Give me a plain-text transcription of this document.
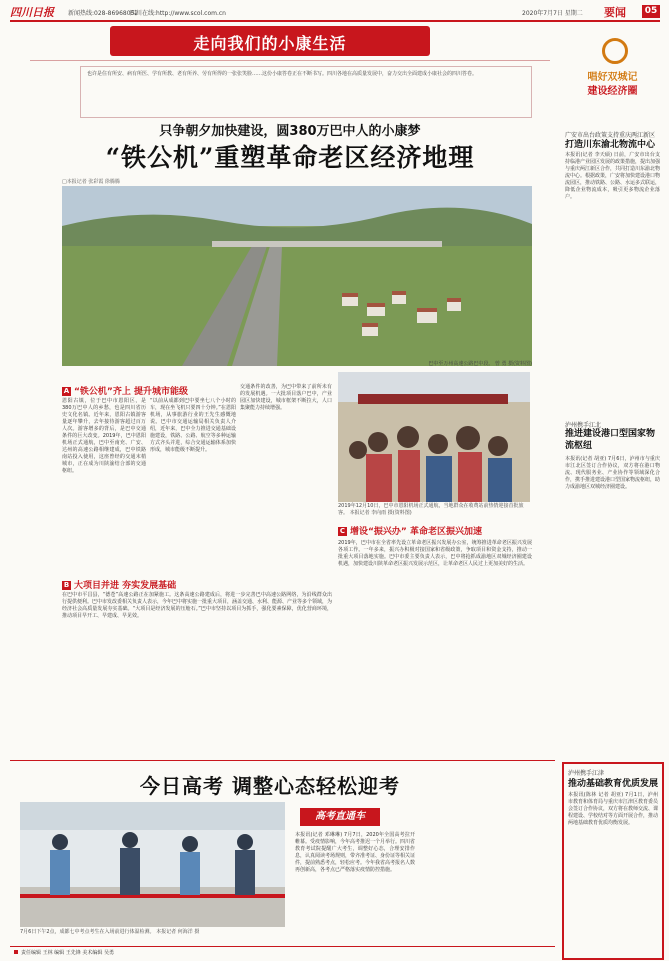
四川日报 新闻热线:028-86968052
四川在线:http://www.scol.com.cn	2020年7月7日 星期二 要闻	05
走向我们的小康生活
也许是住有所安、病有所医、学有所教、老有所养、劳有所得的一张张笑脸……这份小康答卷正在不断书写。四川各地在高质量发展中，奋力交出全面建成小康社会的四川答卷。	唱好双城记
建设经济圈
只争朝夕加快建设，圆380万巴中人的小康梦
“铁公机”重塑革命老区经济地理
□本报记者 张彩霞 徐腾腾
巴中至万州高速公路巴中段。 曾 勇 摄(资料图)
A “铁公机”齐上 提升城市能级
恩阳古镇，位于巴中市恩阳区，是380万巴中人的乡愁，也是四川省历史文化名镇。近年来，恩阳古镇游客量逐年攀升，去年接待游客超过百万人次。游客增多的背后，是巴中交通条件的巨大改变。2019年，巴中恩阳机场正式通航，巴中至南充、广安、达州的高速公路相继建成，巴中铁路南站投入使用，这座曾经的交通末梢城市，正在成为川陕渝结合部的交通枢纽。
“以前从成都到巴中要坐七八个小时的车，现在坐飞机只要四十分钟。”在恩阳机场，从事旅游行业的王先生感慨地说。巴中市交通运输局相关负责人介绍，近年来，巴中全力推进交通基础设施建设，铁路、公路、航空等多种运输方式齐头并进，综合交通运输体系加快形成，城市能级不断提升。
交通条件的改善，为巴中带来了前所未有的发展机遇。一大批项目落户巴中，产业园区加快建设，城市框架不断拉大，人口集聚能力持续增强。
B 大项目并进 夯实发展基础
在巴中市平昌县，“德苍”高速公路正在加紧施工。这条高速公路建成后，将进一步完善巴中高速公路网络，为沿线群众出行提供便利。巴中市发改委相关负责人表示，今年巴中将实施一批重大项目，涵盖交通、水利、能源、产业等多个领域，为经济社会高质量发展夯实基础。“大项目是经济发展的压舱石。”巴中市坚持以项目为抓手，强化要素保障，优化营商环境，推动项目早开工、早建成、早见效。
2019年12月10日，巴中市恩阳机场正式通航，当地群众在收费站前热情迎接首批旅客。 本报记者 李向雨 摄(资料图)
C 增设“振兴办” 革命老区振兴加速
2019年，巴中市在全省率先设立革命老区振兴发展办公室，统筹推进革命老区振兴发展各项工作。一年多来，振兴办积极对接国家和省级政策，争取项目和资金支持，推动一批重大项目落地实施。巴中市委主要负责人表示，巴中将抢抓成渝地区双城经济圈建设机遇，加快建设川陕革命老区振兴发展示范区，让革命老区人民过上更加美好的生活。
广安市出台政策支持重庆两江新区
打造川东渝北物流中心
本报讯(记者 李天硕) 日前，广安市出台支持临港产业园区发展的政策措施，提出加强与重庆两江新区合作，共同打造川东渝北物流中心。根据政策，广安将加快建设港口物流园区，推动铁路、公路、水运多式联运，降低企业物流成本，吸引更多物流企业落户。
泸州携手江北
推进建设港口型国家物流枢纽
本报讯(记者 胡亚) 7月6日，泸州市与重庆市江北区签订合作协议，双方将在港口物流、现代服务业、产业协作等领域深化合作，携手推进建设港口型国家物流枢纽，助力成渝地区双城经济圈建设。
泸州携手江津
推动基础教育优质发展
本报讯(陈林 记者 胡亚) 7月1日，泸州市教育和体育局与重庆市江津区教育委员会签订合作协议，双方将在教师交流、课程建设、学校结对等方面开展合作，推动两地基础教育优质均衡发展。
今日高考 调整心态轻松迎考
7月6日下午2点，成都七中考点考生在入场前进行体温检测。 本报记者 何海洋 摄
高考直通车
本报讯(记者 邓琳琳) 7月7日，2020年全国高考拉开帷幕。受疫情影响，今年高考推迟一个月举行。四川省教育考试院提醒广大考生，调整好心态，合理安排作息，认真阅读考场规则，带齐准考证、身份证等相关证件，提前熟悉考点，轻松应考。今年我省高考报名人数再创新高，各考点已严格落实疫情防控措施。
责任编辑 王林 编辑 王先锋 美术编辑 吴勇
